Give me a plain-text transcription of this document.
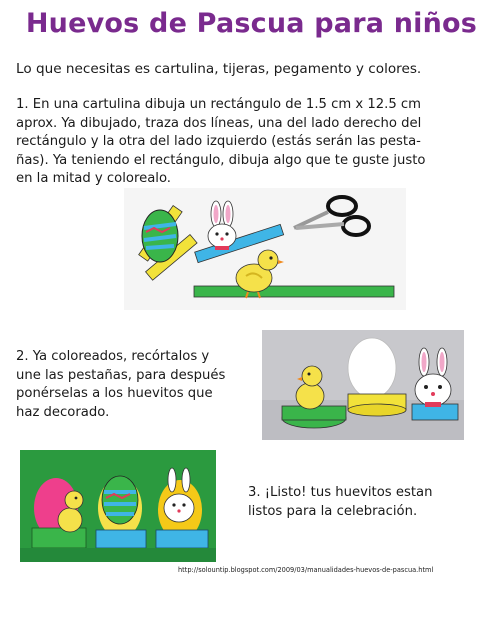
Huevos de Pascua para niños
Lo que necesitas es cartulina, tijeras, pegamento y colores.
1. En una cartulina dibuja un rectángulo de 1.5 cm x 12.5 cm
aprox. Ya dibujado, traza dos líneas, una del lado derecho del
rectángulo y la otra del lado izquierdo (estás serán las pesta-
ñas). Ya teniendo el rectángulo, dibuja algo que te guste justo
en la mitad y colorealo.
2. Ya coloreados, recórtalos y
une las pestañas, para después
ponérselas a los huevitos que
haz decorado.
3. ¡Listo! tus huevitos estan
listos para la celebración.
http://solountip.blogspot.com/2009/03/manualidades-huevos-de-pascua.html
